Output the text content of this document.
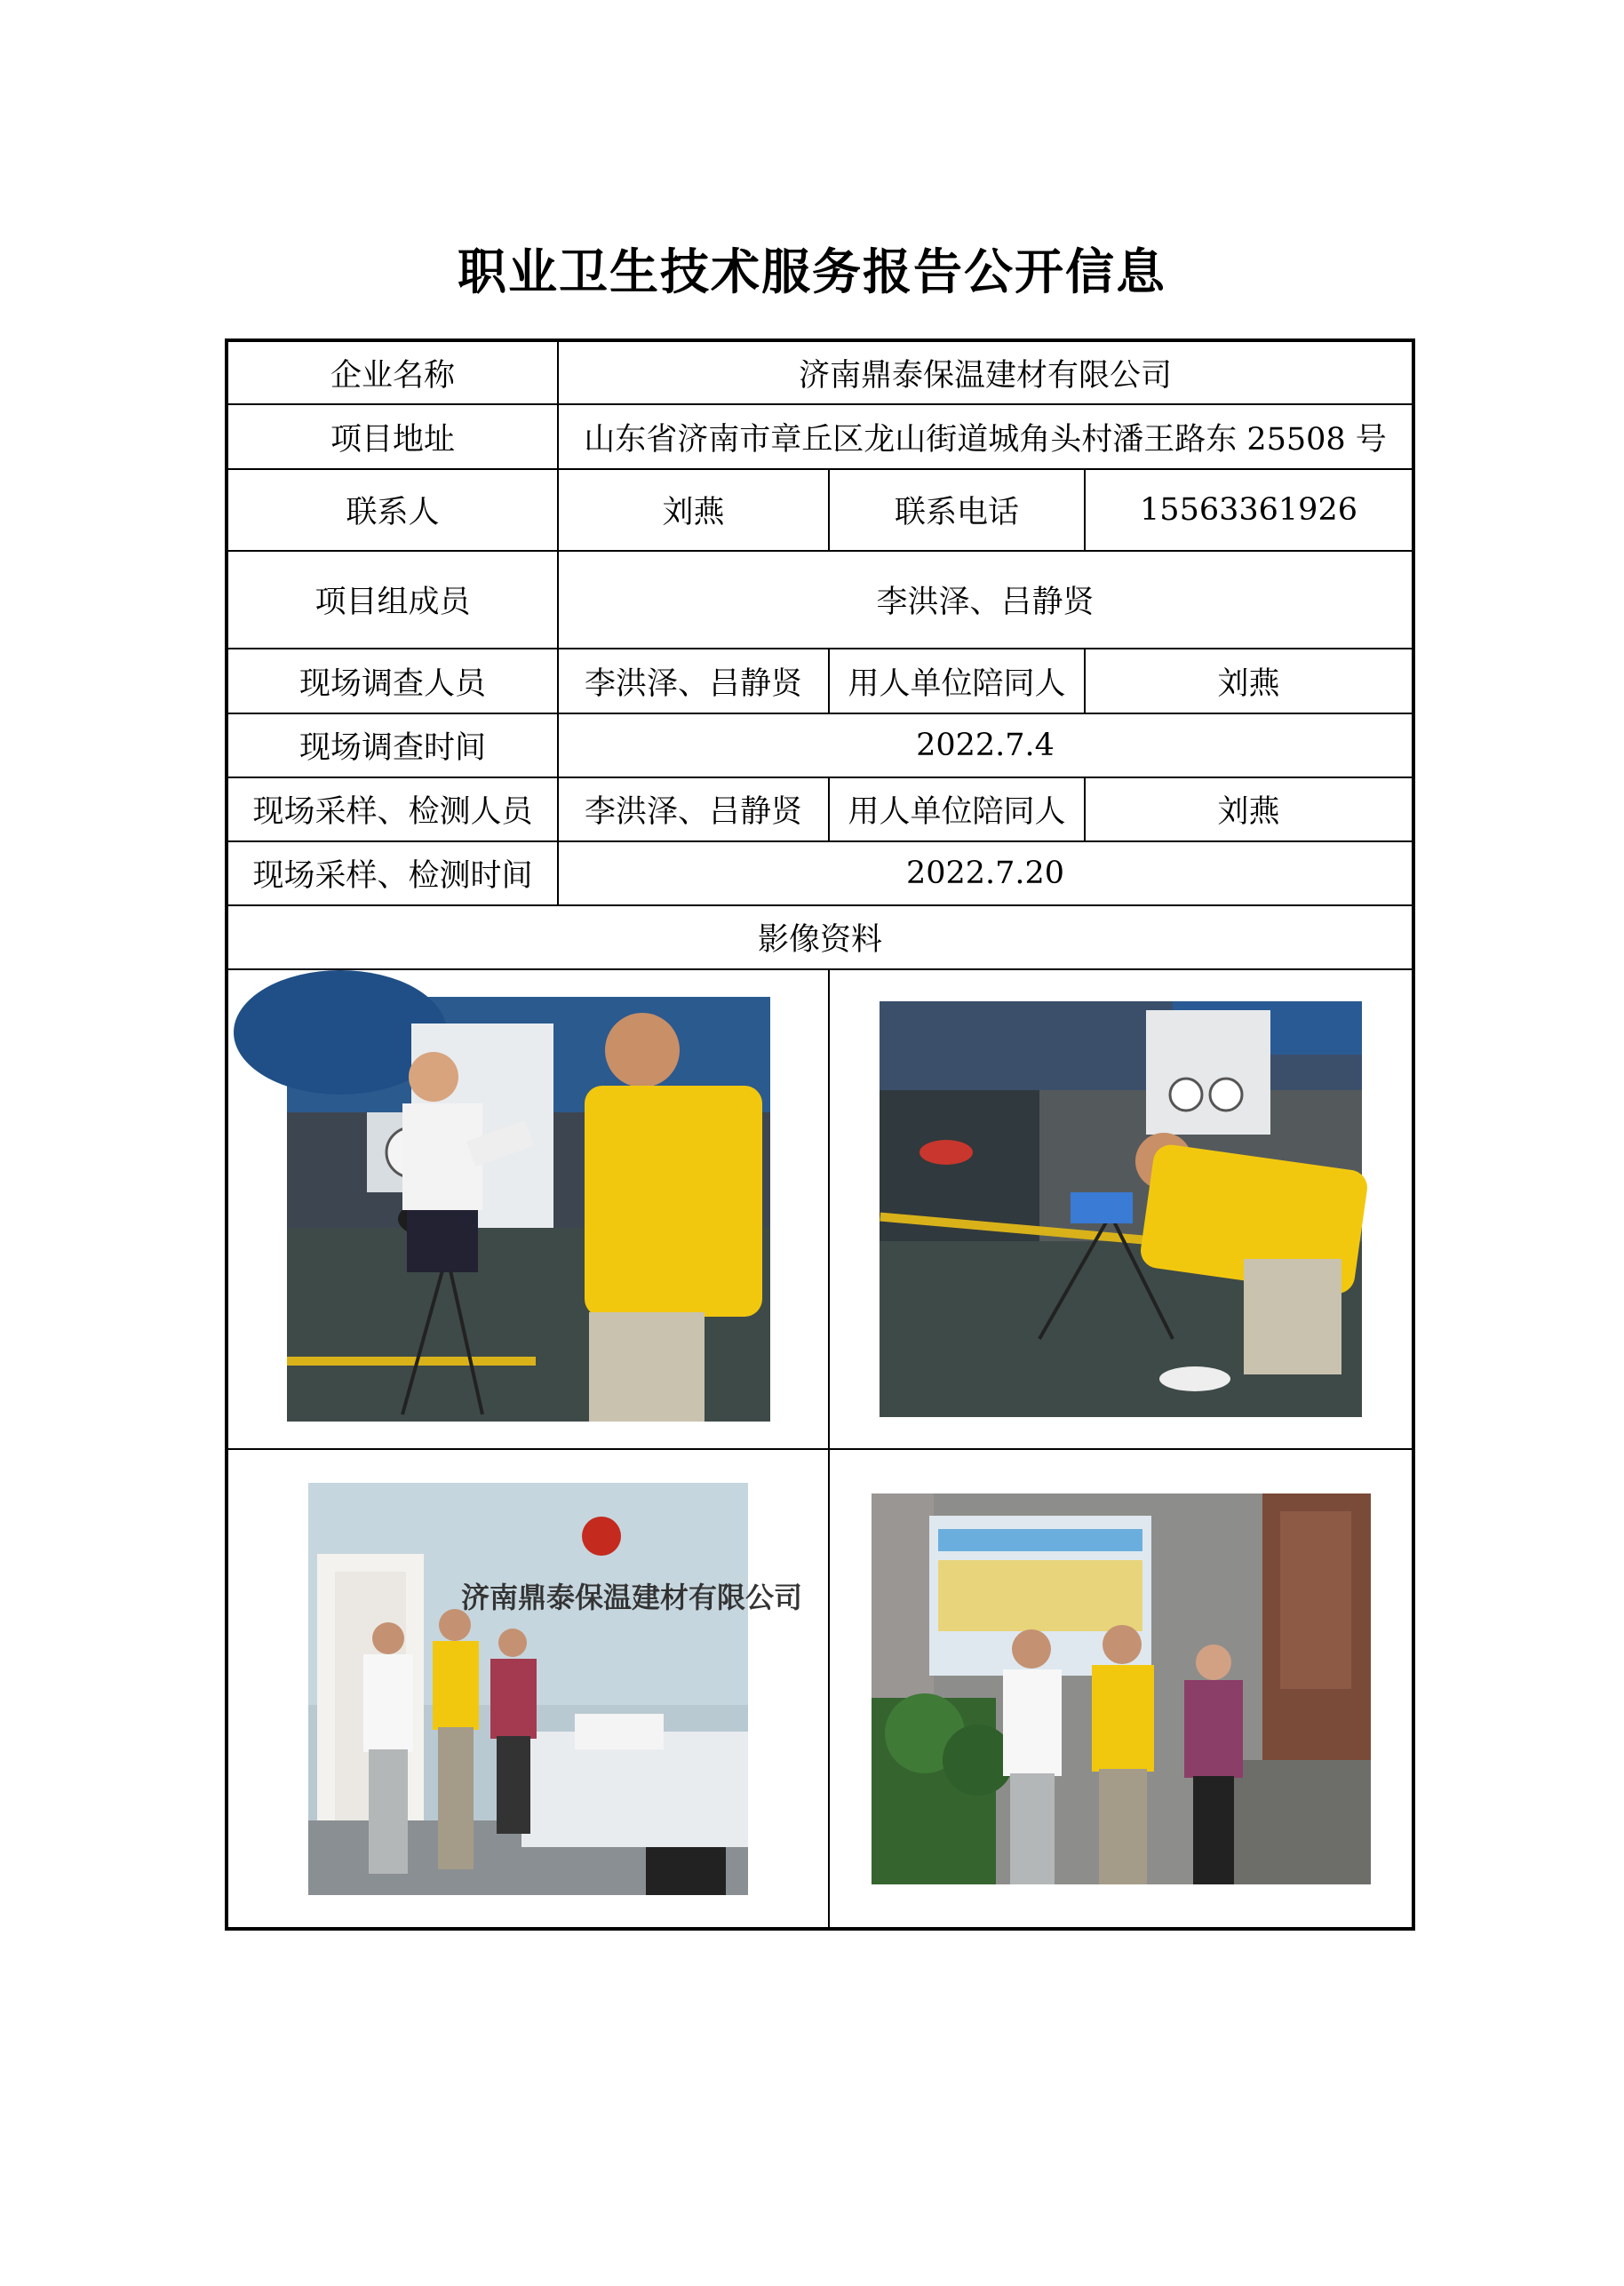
职业卫生技术服务报告公开信息
企业名称	济南鼎泰保温建材有限公司		
项目地址	山东省济南市章丘区龙山街道城角头村潘王路东 25508 号		
联系人	刘燕	联系电话	15563361926
项目组成员	李洪泽、吕静贤		
现场调查人员	李洪泽、吕静贤	用人单位陪同人	刘燕
现场调查时间	2022.7.4		
现场采样、检测人员	李洪泽、吕静贤	用人单位陪同人	刘燕
现场采样、检测时间	2022.7.20		
影像资料			

济南鼎泰保温建材有限公司
